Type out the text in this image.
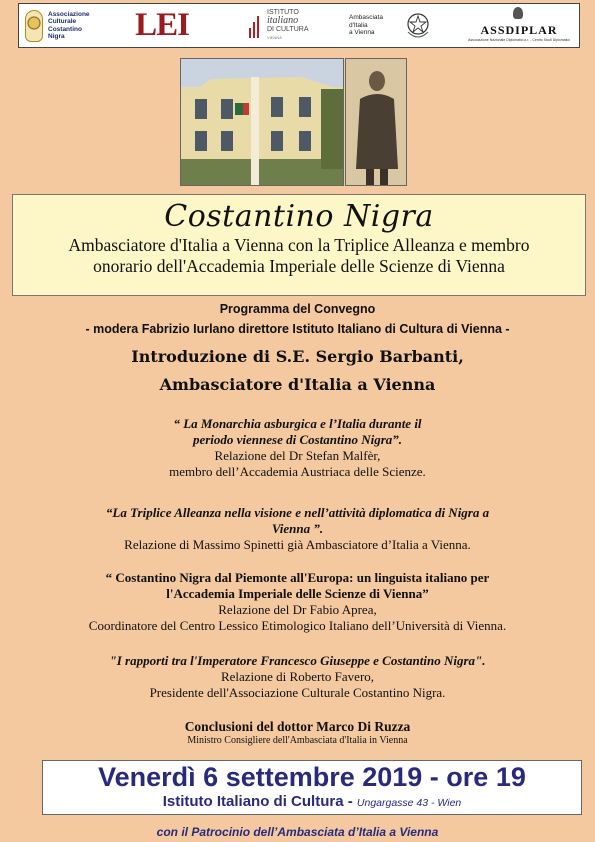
Associazione
Culturale
Costantino
Nigra	LEI	ISTITUTO
italiano
DI CULTURA
VIENNA
Ambasciata
d'Italia
a Vienna	ASSDIPLAR
Associazione Nazionale Diplomatici a r. - Centro Studi Diplomatici
Costantino Nigra
Ambasciatore d'Italia a Vienna con la Triplice Alleanza e membro
onorario dell'Accademia Imperiale delle Scienze di Vienna
Programma del Convegno
- modera Fabrizio Iurlano direttore Istituto Italiano di Cultura di Vienna -
Introduzione di S.E. Sergio Barbanti,
Ambasciatore d'Italia a Vienna
“ La Monarchia asburgica e l’Italia durante il
periodo viennese di Costantino Nigra”.
Relazione del Dr Stefan Malfèr,
membro dell’Accademia Austriaca delle Scienze.
“La Triplice Alleanza nella visione e nell’attività diplomatica di Nigra a
Vienna ”.
Relazione di Massimo Spinetti già Ambasciatore d’Italia a Vienna.
“ Costantino Nigra dal Piemonte all'Europa: un linguista italiano per
l'Accademia Imperiale delle Scienze di Vienna”
Relazione del Dr Fabio Aprea,
Coordinatore del Centro Lessico Etimologico Italiano dell’Università di Vienna.
"I rapporti tra l'Imperatore Francesco Giuseppe e Costantino Nigra".
Relazione di Roberto Favero,
Presidente dell'Associazione Culturale Costantino Nigra.
Conclusioni del dottor Marco Di Ruzza
Ministro Consigliere dell'Ambasciata d'Italia in Vienna
Venerdì 6 settembre 2019 - ore 19
Istituto Italiano di Cultura - Ungargasse 43 - Wien
con il Patrocinio dell’Ambasciata d’Italia a Vienna
